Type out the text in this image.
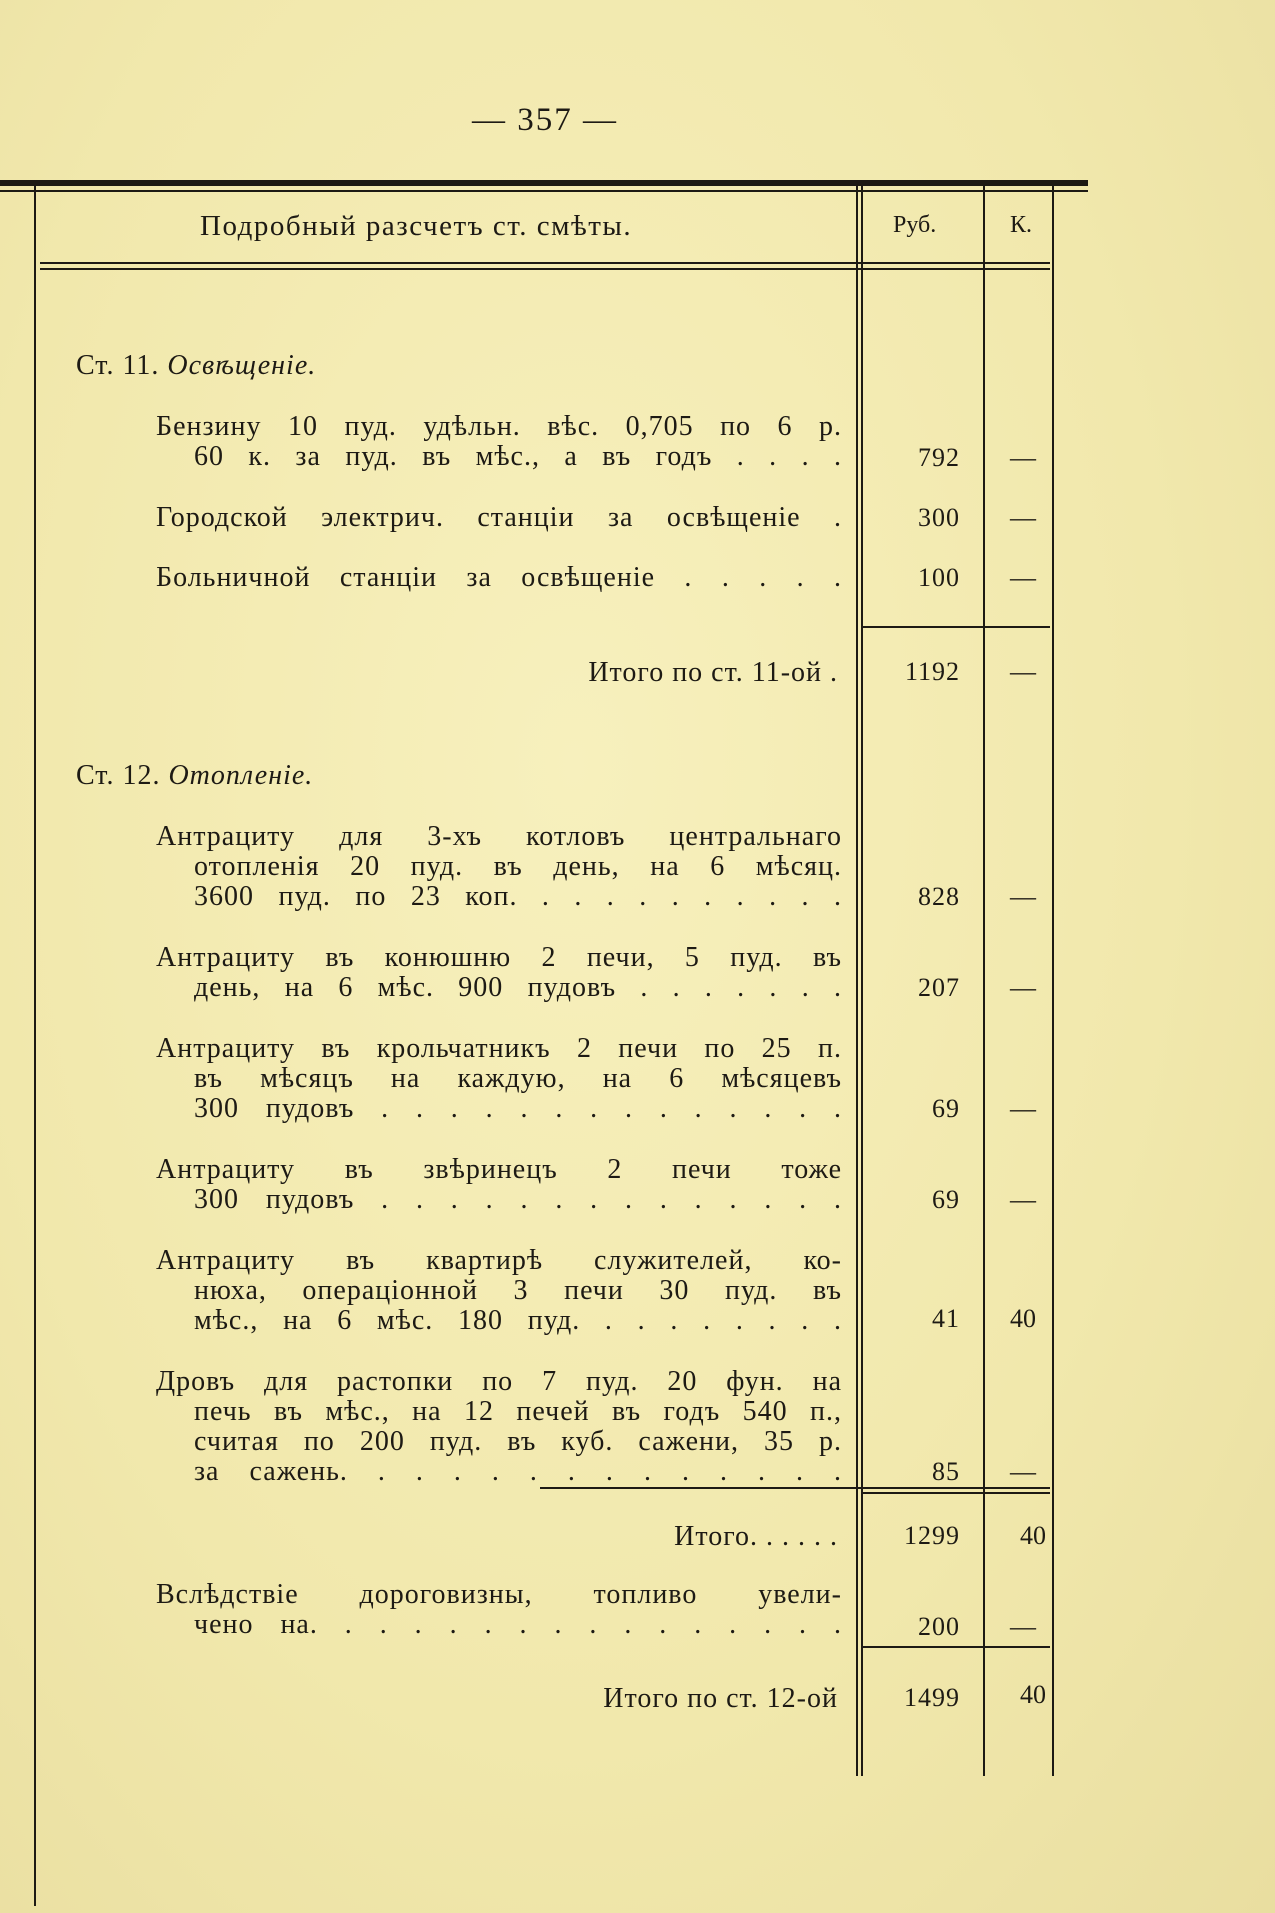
— 357 —
Подробный разсчетъ ст. смѣты.	Руб.	К.
Ст. 11. Освѣщеніе.
Бензину 10 пуд. удѣльн. вѣс. 0,705 по 6 р.
60 к. за пуд. въ мѣс., а въ годъ . . . .	792	—
Городской электрич. станціи за освѣщеніе .	300	—
Больничной станціи за освѣщеніе . . . . .	100	—
Итого по ст. 11-ой .	1192	—
Ст. 12. Отопленіе.
Антрациту для 3-хъ котловъ центральнаго
отопленія 20 пуд. въ день, на 6 мѣсяц.
3600 пуд. по 23 коп. . . . . . . . . . .	828	—
Антрациту въ конюшню 2 печи, 5 пуд. въ
день, на 6 мѣс. 900 пудовъ . . . . . . .	207	—
Антрациту въ крольчатникъ 2 печи по 25 п.
въ мѣсяцъ на каждую, на 6 мѣсяцевъ
300 пудовъ . . . . . . . . . . . . . .	69	—
Антрациту въ звѣринецъ 2 печи тоже
300 пудовъ . . . . . . . . . . . . . .	69	—
Антрациту въ квартирѣ служителей, ко-
нюха, операціонной 3 печи 30 пуд. въ
мѣс., на 6 мѣс. 180 пуд. . . . . . . . .	41	40
Дровъ для растопки по 7 пуд. 20 фун. на
печь въ мѣс., на 12 печей въ годъ 540 п.,
считая по 200 пуд. въ куб. сажени, 35 р.
за сажень. . . . . . . . . . . . . .	85	—
Итого. . . . . .	1299	40
Вслѣдствіе дороговизны, топливо увели-
чено на. . . . . . . . . . . . . . . .	200	—
Итого по ст. 12-ой	1499	40
